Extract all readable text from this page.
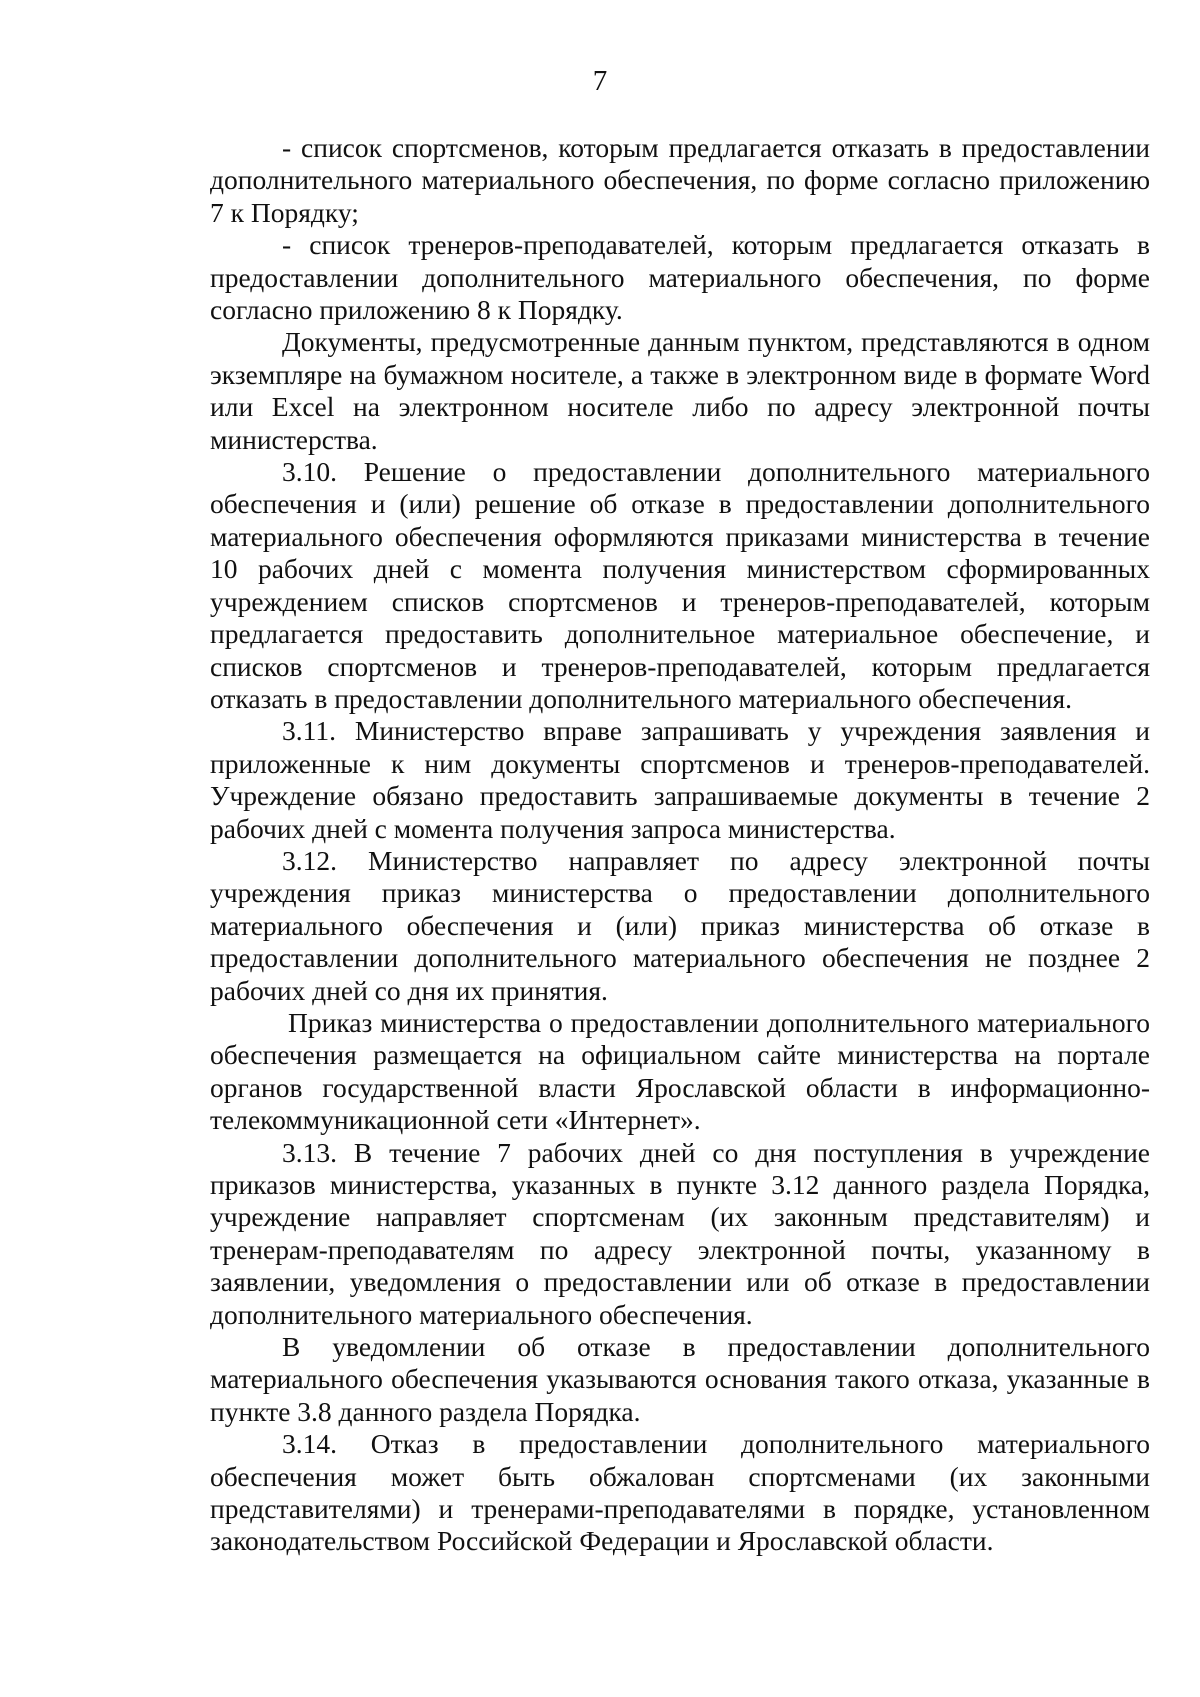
7

- список спортсменов, которым предлагается отказать в предоставлении дополнительного материального обеспечения, по форме согласно приложению 7 к Порядку;

- список тренеров-преподавателей, которым предлагается отказать в предоставлении дополнительного материального обеспечения, по форме согласно приложению 8 к Порядку.

Документы, предусмотренные данным пунктом, представляются в одном экземпляре на бумажном носителе, а также в электронном виде в формате Word или Excel на электронном носителе либо по адресу электронной почты министерства.

3.10. Решение о предоставлении дополнительного материального обеспечения и (или) решение об отказе в предоставлении дополнительного материального обеспечения оформляются приказами министерства в течение 10 рабочих дней с момента получения министерством сформированных учреждением списков спортсменов и тренеров-преподавателей, которым предлагается предоставить дополнительное материальное обеспечение, и списков спортсменов и тренеров-преподавателей, которым предлагается отказать в предоставлении дополнительного материального обеспечения.

3.11. Министерство вправе запрашивать у учреждения заявления и приложенные к ним документы спортсменов и тренеров-преподавателей. Учреждение обязано предоставить запрашиваемые документы в течение 2 рабочих дней с момента получения запроса министерства.

3.12. Министерство направляет по адресу электронной почты учреждения приказ министерства о предоставлении дополнительного материального обеспечения и (или) приказ министерства об отказе в предоставлении дополнительного материального обеспечения не позднее 2 рабочих дней со дня их принятия.

Приказ министерства о предоставлении дополнительного материального обеспечения размещается на официальном сайте министерства на портале органов государственной власти Ярославской области в информационно-телекоммуникационной сети «Интернет».

3.13. В течение 7 рабочих дней со дня поступления в учреждение приказов министерства, указанных в пункте 3.12 данного раздела Порядка, учреждение направляет спортсменам (их законным представителям) и тренерам-преподавателям по адресу электронной почты, указанному в заявлении, уведомления о предоставлении или об отказе в предоставлении дополнительного материального обеспечения.

В уведомлении об отказе в предоставлении дополнительного материального обеспечения указываются основания такого отказа, указанные в пункте 3.8 данного раздела Порядка.

3.14. Отказ в предоставлении дополнительного материального обеспечения может быть обжалован спортсменами (их законными представителями) и тренерами-преподавателями в порядке, установленном законодательством Российской Федерации и Ярославской области.
